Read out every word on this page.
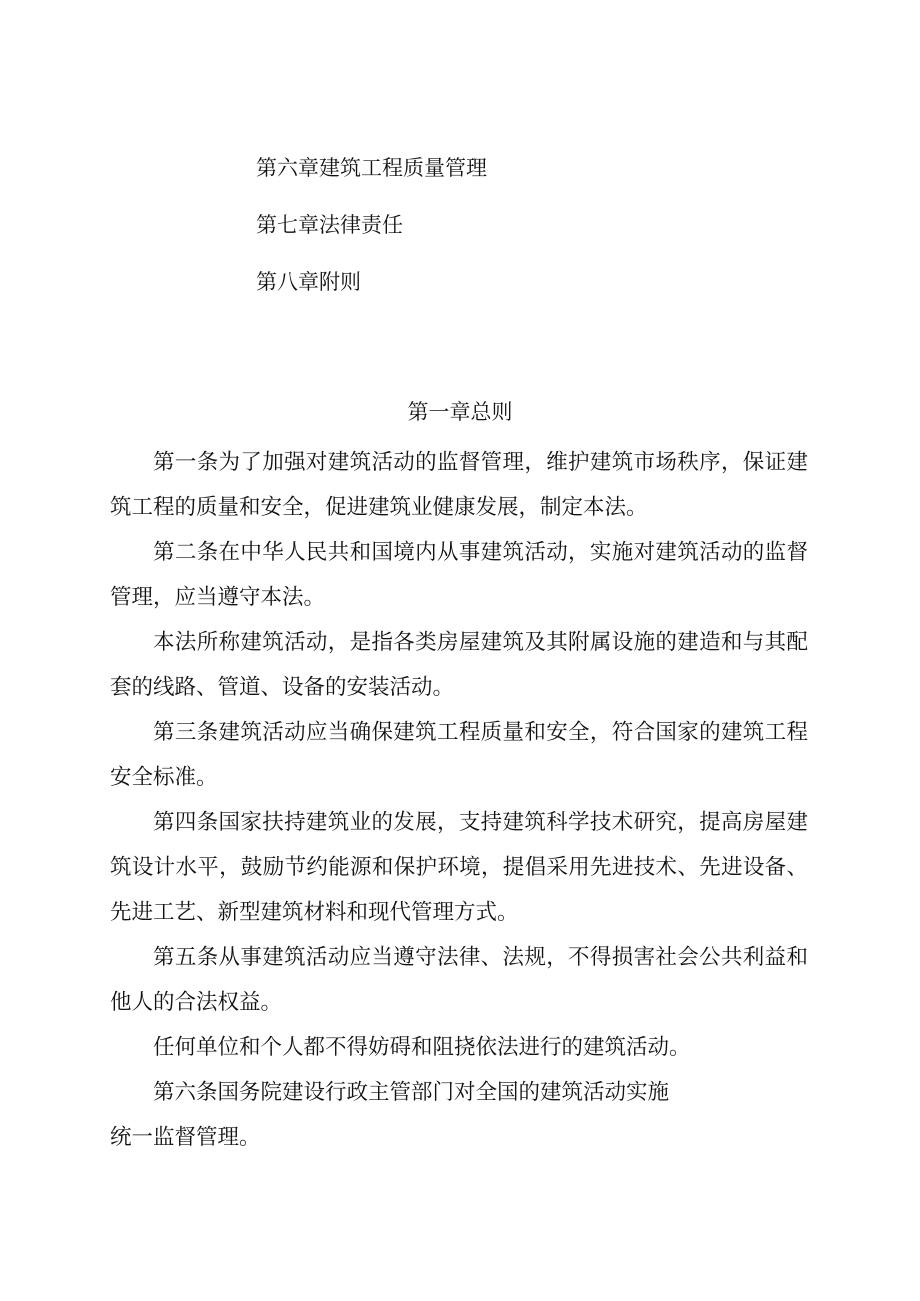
第六章建筑工程质量管理
第七章法律责任
第八章附则
第一章总则

第一条为了加强对建筑活动的监督管理，维护建筑市场秩序，保证建筑工程的质量和安全，促进建筑业健康发展，制定本法。

第二条在中华人民共和国境内从事建筑活动，实施对建筑活动的监督管理，应当遵守本法。

本法所称建筑活动，是指各类房屋建筑及其附属设施的建造和与其配套的线路、管道、设备的安装活动。

第三条建筑活动应当确保建筑工程质量和安全，符合国家的建筑工程安全标准。

第四条国家扶持建筑业的发展，支持建筑科学技术研究，提高房屋建筑设计水平，鼓励节约能源和保护环境，提倡采用先进技术、先进设备、先进工艺、新型建筑材料和现代管理方式。

第五条从事建筑活动应当遵守法律、法规，不得损害社会公共利益和他人的合法权益。

任何单位和个人都不得妨碍和阻挠依法进行的建筑活动。

第六条国务院建设行政主管部门对全国的建筑活动实施

统一监督管理。
